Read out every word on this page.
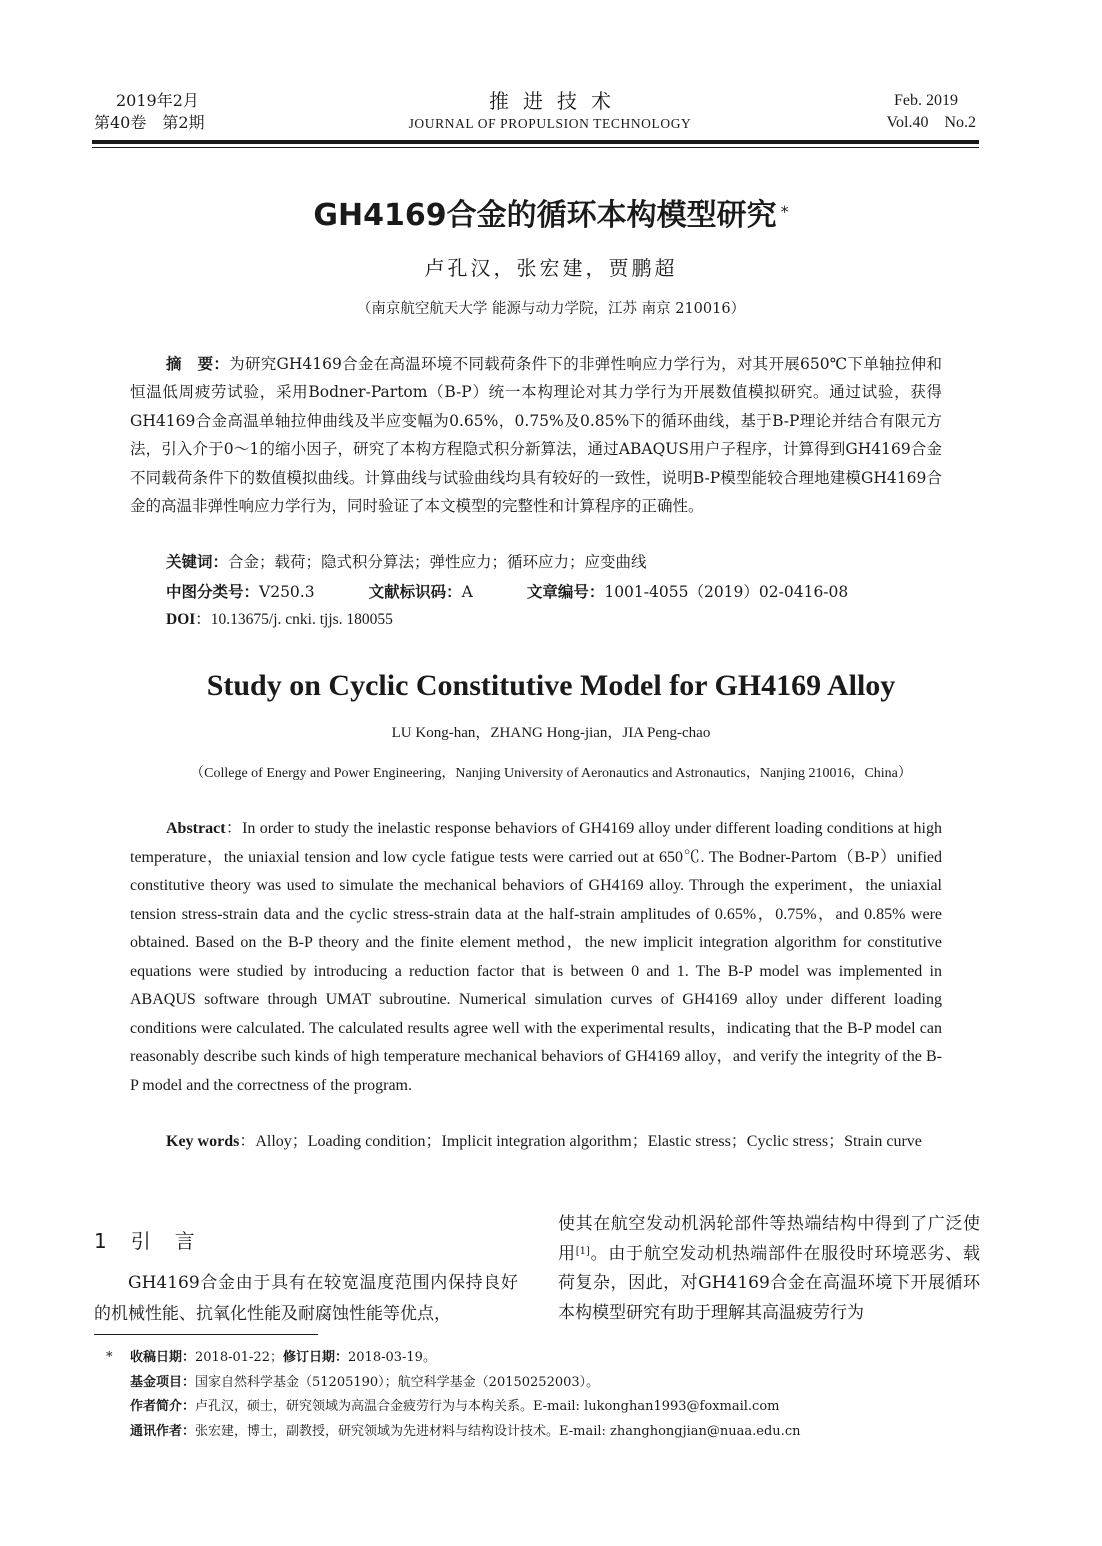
2019年2月
第40卷　第2期
推进技术
JOURNAL OF PROPULSION TECHNOLOGY
Feb. 2019
Vol.40　No.2
GH4169合金的循环本构模型研究 *
卢孔汉，张宏建，贾鹏超
（南京航空航天大学 能源与动力学院，江苏 南京 210016）
摘　要：为研究GH4169合金在高温环境不同载荷条件下的非弹性响应力学行为，对其开展650℃下单轴拉伸和恒温低周疲劳试验，采用Bodner-Partom（B-P）统一本构理论对其力学行为开展数值模拟研究。通过试验，获得GH4169合金高温单轴拉伸曲线及半应变幅为0.65%，0.75%及0.85%下的循环曲线，基于B-P理论并结合有限元方法，引入介于0～1的缩小因子，研究了本构方程隐式积分新算法，通过ABAQUS用户子程序，计算得到GH4169合金不同载荷条件下的数值模拟曲线。计算曲线与试验曲线均具有较好的一致性，说明B-P模型能较合理地建模GH4169合金的高温非弹性响应力学行为，同时验证了本文模型的完整性和计算程序的正确性。
关键词：合金；载荷；隐式积分算法；弹性应力；循环应力；应变曲线
中图分类号：V250.3	文献标识码：A	文章编号：1001-4055（2019）02-0416-08
DOI：10.13675/j. cnki. tjjs. 180055
Study on Cyclic Constitutive Model for GH4169 Alloy
LU Kong-han，ZHANG Hong-jian，JIA Peng-chao
（College of Energy and Power Engineering，Nanjing University of Aeronautics and Astronautics，Nanjing 210016，China）
Abstract：In order to study the inelastic response behaviors of GH4169 alloy under different loading conditions at high temperature，the uniaxial tension and low cycle fatigue tests were carried out at 650℃. The Bodner-Partom（B-P）unified constitutive theory was used to simulate the mechanical behaviors of GH4169 alloy. Through the experiment，the uniaxial tension stress-strain data and the cyclic stress-strain data at the half-strain amplitudes of 0.65%，0.75%，and 0.85% were obtained. Based on the B-P theory and the finite element method，the new implicit integration algorithm for constitutive equations were studied by introducing a reduction factor that is between 0 and 1. The B-P model was implemented in ABAQUS software through UMAT subroutine. Numerical simulation curves of GH4169 alloy under different loading conditions were calculated. The calculated results agree well with the experimental results，indicating that the B-P model can reasonably describe such kinds of high temperature mechanical behaviors of GH4169 alloy，and verify the integrity of the B-P model and the correctness of the program.
Key words：Alloy；Loading condition；Implicit integration algorithm；Elastic stress；Cyclic stress；Strain curve
1 引 言
GH4169合金由于具有在较宽温度范围内保持良好的机械性能、抗氧化性能及耐腐蚀性能等优点，
使其在航空发动机涡轮部件等热端结构中得到了广泛使用[1]。由于航空发动机热端部件在服役时环境恶劣、载荷复杂，因此，对GH4169合金在高温环境下开展循环本构模型研究有助于理解其高温疲劳行为
* 收稿日期：2018-01-22；修订日期：2018-03-19。
基金项目：国家自然科学基金（51205190）；航空科学基金（20150252003）。
作者简介：卢孔汉，硕士，研究领域为高温合金疲劳行为与本构关系。E-mail: lukonghan1993@foxmail.com
通讯作者：张宏建，博士，副教授，研究领域为先进材料与结构设计技术。E-mail: zhanghongjian@nuaa.edu.cn
